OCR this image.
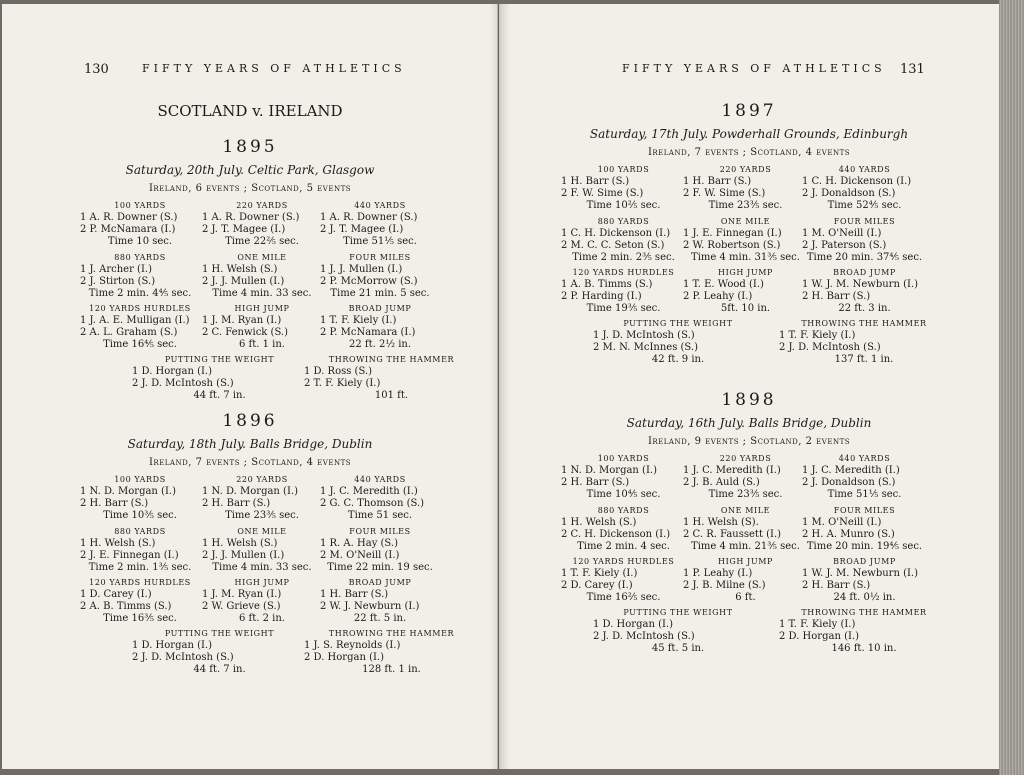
130	FIFTY YEARS OF ATHLETICS
SCOTLAND v. IRELAND
1895
Saturday, 20th July. Celtic Park, Glasgow
Ireland, 6 events ; Scotland, 5 events
100 YARDS
1 A. R. Downer (S.)
2 P. McNamara (I.)
Time 10 sec.
220 YARDS
1 A. R. Downer (S.)
2 J. T. Magee (I.)
Time 22⅖ sec.
440 YARDS
1 A. R. Downer (S.)
2 J. T. Magee (I.)
Time 51⅕ sec.
880 YARDS
1 J. Archer (I.)
2 J. Stirton (S.)
Time 2 min. 4⅘ sec.
ONE MILE
1 H. Welsh (S.)
2 J. J. Mullen (I.)
Time 4 min. 33 sec.
FOUR MILES
1 J. J. Mullen (I.)
2 P. McMorrow (S.)
Time 21 min. 5 sec.
120 YARDS HURDLES
1 J. A. E. Mulligan (I.)
2 A. L. Graham (S.)
Time 16⅘ sec.
HIGH JUMP
1 J. M. Ryan (I.)
2 C. Fenwick (S.)
6 ft. 1 in.
BROAD JUMP
1 T. F. Kiely (I.)
2 P. McNamara (I.)
22 ft. 2½ in.
PUTTING THE WEIGHT
1 D. Horgan (I.)
2 J. D. McIntosh (S.)
44 ft. 7 in.
THROWING THE HAMMER
1 D. Ross (S.)
2 T. F. Kiely (I.)
101 ft.
1896
Saturday, 18th July. Balls Bridge, Dublin
Ireland, 7 events ; Scotland, 4 events
100 YARDS
1 N. D. Morgan (I.)
2 H. Barr (S.)
Time 10⅗ sec.
220 YARDS
1 N. D. Morgan (I.)
2 H. Barr (S.)
Time 23⅗ sec.
440 YARDS
1 J. C. Meredith (I.)
2 G. C. Thomson (S.)
Time 51 sec.
880 YARDS
1 H. Welsh (S.)
2 J. E. Finnegan (I.)
Time 2 min. 1⅗ sec.
ONE MILE
1 H. Welsh (S.)
2 J. J. Mullen (I.)
Time 4 min. 33 sec.
FOUR MILES
1 R. A. Hay (S.)
2 M. O'Neill (I.)
Time 22 min. 19 sec.
120 YARDS HURDLES
1 D. Carey (I.)
2 A. B. Timms (S.)
Time 16⅗ sec.
HIGH JUMP
1 J. M. Ryan (I.)
2 W. Grieve (S.)
6 ft. 2 in.
BROAD JUMP
1 H. Barr (S.)
2 W. J. Newburn (I.)
22 ft. 5 in.
PUTTING THE WEIGHT
1 D. Horgan (I.)
2 J. D. McIntosh (S.)
44 ft. 7 in.
THROWING THE HAMMER
1 J. S. Reynolds (I.)
2 D. Horgan (I.)
128 ft. 1 in.
FIFTY YEARS OF ATHLETICS 131
1897
Saturday, 17th July. Powderhall Grounds, Edinburgh
Ireland, 7 events ; Scotland, 4 events
100 YARDS
1 H. Barr (S.)
2 F. W. Sime (S.)
Time 10⅖ sec.
220 YARDS
1 H. Barr (S.)
2 F. W. Sime (S.)
Time 23⅗ sec.
440 YARDS
1 C. H. Dickenson (I.)
2 J. Donaldson (S.)
Time 52⅘ sec.
880 YARDS
1 C. H. Dickenson (I.)
2 M. C. C. Seton (S.)
Time 2 min. 2⅗ sec.
ONE MILE
1 J. E. Finnegan (I.)
2 W. Robertson (S.)
Time 4 min. 31⅗ sec.
FOUR MILES
1 M. O'Neill (I.)
2 J. Paterson (S.)
Time 20 min. 37⅘ sec.
120 YARDS HURDLES
1 A. B. Timms (S.)
2 P. Harding (I.)
Time 19⅗ sec.
HIGH JUMP
1 T. E. Wood (I.)
2 P. Leahy (I.)
5ft. 10 in.
BROAD JUMP
1 W. J. M. Newburn (I.)
2 H. Barr (S.)
22 ft. 3 in.
PUTTING THE WEIGHT
1 J. D. McIntosh (S.)
2 M. N. McInnes (S.)
42 ft. 9 in.
THROWING THE HAMMER
1 T. F. Kiely (I.)
2 J. D. McIntosh (S.)
137 ft. 1 in.
1898
Saturday, 16th July. Balls Bridge, Dublin
Ireland, 9 events ; Scotland, 2 events
100 YARDS
1 N. D. Morgan (I.)
2 H. Barr (S.)
Time 10⅘ sec.
220 YARDS
1 J. C. Meredith (I.)
2 J. B. Auld (S.)
Time 23⅗ sec.
440 YARDS
1 J. C. Meredith (I.)
2 J. Donaldson (S.)
Time 51⅕ sec.
880 YARDS
1 H. Welsh (S.)
2 C. H. Dickenson (I.)
Time 2 min. 4 sec.
ONE MILE
1 H. Welsh (S).
2 C. R. Faussett (I.)
Time 4 min. 21⅗ sec.
FOUR MILES
1 M. O'Neill (I.)
2 H. A. Munro (S.)
Time 20 min. 19⅘ sec.
120 YARDS HURDLES
1 T. F. Kiely (I.)
2 D. Carey (I.)
Time 16⅖ sec.
HIGH JUMP
1 P. Leahy (I.)
2 J. B. Milne (S.)
6 ft.
BROAD JUMP
1 W. J. M. Newburn (I.)
2 H. Barr (S.)
24 ft. 0½ in.
PUTTING THE WEIGHT
1 D. Horgan (I.)
2 J. D. McIntosh (S.)
45 ft. 5 in.
THROWING THE HAMMER
1 T. F. Kiely (I.)
2 D. Horgan (I.)
146 ft. 10 in.
